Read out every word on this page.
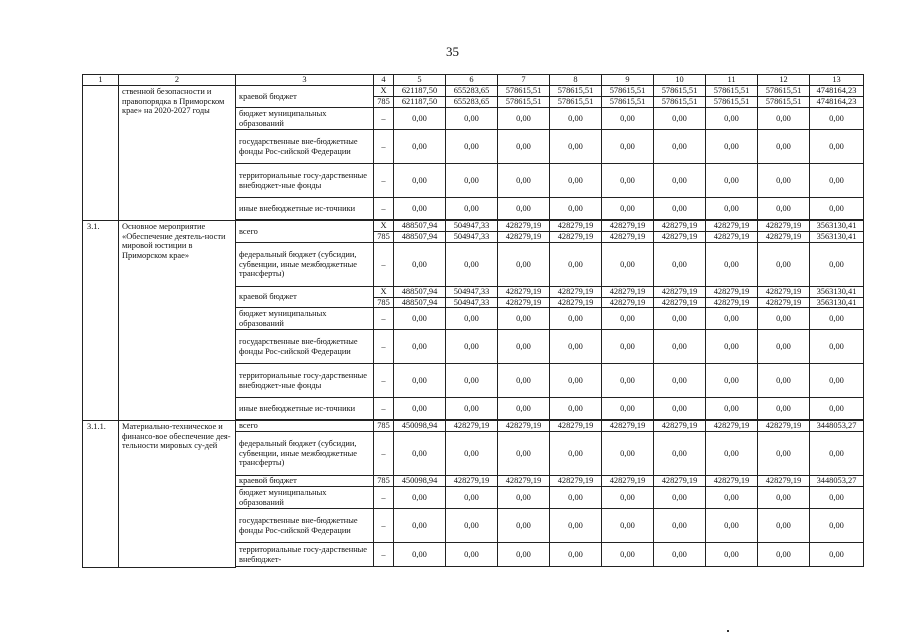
35
1	2	3	4	5	6	7	8	9	10	11	12	13
	ственной безопасности и правопорядка в Приморском крае» на 2020-2027 годы	краевой бюджет	X	621187,50	655283,65	578615,51	578615,51	578615,51	578615,51	578615,51	578615,51	4748164,23
			785	621187,50	655283,65	578615,51	578615,51	578615,51	578615,51	578615,51	578615,51	4748164,23
		бюджет муниципальных образований	–	0,00	0,00	0,00	0,00	0,00	0,00	0,00	0,00	0,00
		государственные вне-бюджетные фонды Рос-сийской Федерации	–	0,00	0,00	0,00	0,00	0,00	0,00	0,00	0,00	0,00
		территориальные госу-дарственные внебюджет-ные фонды	–	0,00	0,00	0,00	0,00	0,00	0,00	0,00	0,00	0,00
		иные внебюджетные ис-точники	–	0,00	0,00	0,00	0,00	0,00	0,00	0,00	0,00	0,00

3.1.	Основное мероприятие «Обеспечение деятель-ности мировой юстиции в Приморском крае»	всего	X	488507,94	504947,33	428279,19	428279,19	428279,19	428279,19	428279,19	428279,19	3563130,41
			785	488507,94	504947,33	428279,19	428279,19	428279,19	428279,19	428279,19	428279,19	3563130,41
		федеральный бюджет (субсидии, субвенции, иные межбюджетные трансферты)	–	0,00	0,00	0,00	0,00	0,00	0,00	0,00	0,00	0,00
		краевой бюджет	X	488507,94	504947,33	428279,19	428279,19	428279,19	428279,19	428279,19	428279,19	3563130,41
			785	488507,94	504947,33	428279,19	428279,19	428279,19	428279,19	428279,19	428279,19	3563130,41
		бюджет муниципальных образований	–	0,00	0,00	0,00	0,00	0,00	0,00	0,00	0,00	0,00
		государственные вне-бюджетные фонды Рос-сийской Федерации	–	0,00	0,00	0,00	0,00	0,00	0,00	0,00	0,00	0,00
		территориальные госу-дарственные внебюджет-ные фонды	–	0,00	0,00	0,00	0,00	0,00	0,00	0,00	0,00	0,00
		иные внебюджетные ис-точники	–	0,00	0,00	0,00	0,00	0,00	0,00	0,00	0,00	0,00

3.1.1.	Материально-техническое и финансо-вое обеспечение дея-тельности мировых су-дей	всего	785	450098,94	428279,19	428279,19	428279,19	428279,19	428279,19	428279,19	428279,19	3448053,27
		федеральный бюджет (субсидии, субвенции, иные межбюджетные трансферты)	–	0,00	0,00	0,00	0,00	0,00	0,00	0,00	0,00	0,00
		краевой бюджет	785	450098,94	428279,19	428279,19	428279,19	428279,19	428279,19	428279,19	428279,19	3448053,27
		бюджет муниципальных образований	–	0,00	0,00	0,00	0,00	0,00	0,00	0,00	0,00	0,00
		государственные вне-бюджетные фонды Рос-сийской Федерации	–	0,00	0,00	0,00	0,00	0,00	0,00	0,00	0,00	0,00
		территориальные госу-дарственные внебюджет-	–	0,00	0,00	0,00	0,00	0,00	0,00	0,00	0,00	0,00
